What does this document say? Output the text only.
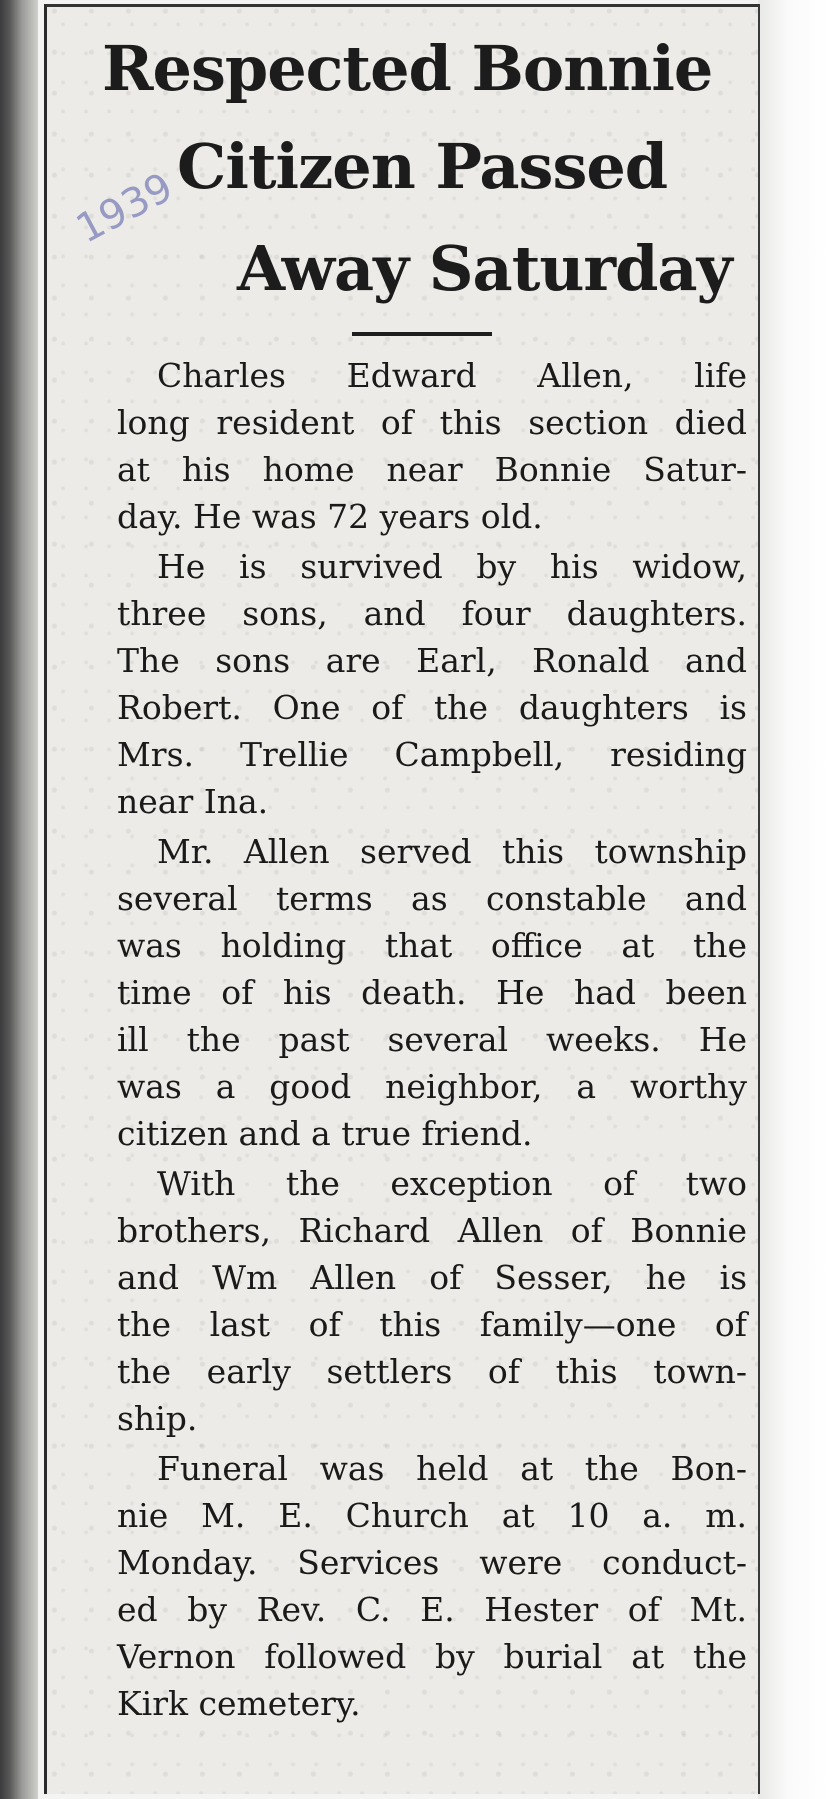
Respected Bonnie
Citizen Passed
Away Saturday
1939
Charles Edward Allen, life
long resident of this section died
at his home near Bonnie Satur-
day. He was 72 years old.
He is survived by his widow,
three sons, and four daughters.
The sons are Earl, Ronald and
Robert. One of the daughters is
Mrs. Trellie Campbell, residing
near Ina.
Mr. Allen served this township
several terms as constable and
was holding that office at the
time of his death. He had been
ill the past several weeks. He
was a good neighbor, a worthy
citizen and a true friend.
With the exception of two
brothers, Richard Allen of Bonnie
and Wm Allen of Sesser, he is
the last of this family—one of
the early settlers of this town-
ship.
Funeral was held at the Bon-
nie M. E. Church at 10 a. m.
Monday. Services were conduct-
ed by Rev. C. E. Hester of Mt.
Vernon followed by burial at the
Kirk cemetery.
